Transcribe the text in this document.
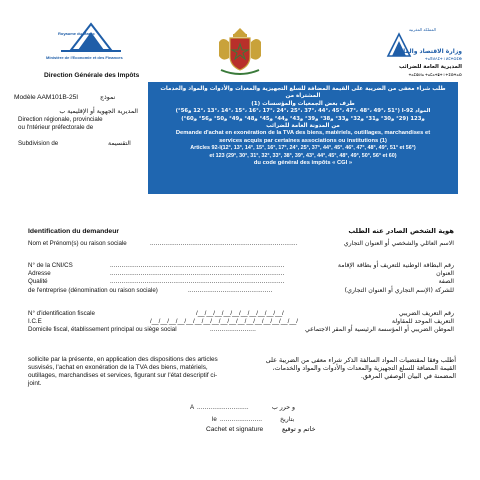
Royaume du Maroc
Ministère de l'Economie et des Finances
Direction Générale des Impôts
المملكة المغربية
وزارة الاقتصاد والمالية
ⵜⴰⴳⵍⴷⵉⵜ ⵏ ⵍⵎⵖⵔⵉⴱ
المديرية العامة للضرائب
ⵜⴰⵎⵀⵍⴰ ⵜⴰⵎⴰⵜⵓⵜ ⵏ ⵜⵉⵙⵖⴰⵔ
Modèle AAM101B-25I	نموذج
المديرية الجهوية أو الإقليمية ب
Direction régionale, provinciale
ou l'ntérieur préfectorale de
Subdivision de	التقسيمة
طلب شراء معفى من الضريبة على القيمة المضافة للسلع التجهيزية والمعدات والأدوات والمواد والخدمات المشتراة من
طرف بعض الجمعيات والمؤسسات (1)
المواد 92-I (12°، 13°، 14°، 15°، 16°، 17°، 24°، 25°، 37°، 44°، 45°، 47°، 48°، 49°، 51° و56°)
و123 (29° و30° و31° و32° و33° و38° و39° و43° و44° و45° و48° و49° و50° و56° و60°)
من المدونة العامة للضرائب
Demande d'achat en exonération de la TVA des biens, matériels, outillages, marchandises et
services acquis par certaines associations ou institutions (1)
Articles 92-I(12°, 13°, 14°, 15°, 16°, 17°, 24°, 25°, 37°, 44°, 45°, 46°, 47°, 48°, 49°, 51° et 56°)
et 123 (29°, 30°, 31°, 32°, 33°, 38°, 39°, 43°, 44°, 45°, 48°, 49°, 50°, 56° et 60)
du code général des impôts « CGI »
Identification du demandeur	هوية الشخص الصادر عنه الطلب
Nom et Prénom(s) ou raison sociale	.............................................................................	الاسم العائلي والشخصي أو العنوان التجاري
N° de la CNI/CS	...........................................................................................	رقم البطاقة الوطنية للتعريف أو بطاقة الإقامة
Adresse	...........................................................................................	العنوان
Qualité	...........................................................................................	الصفة
de l'entreprise (dénomination ou raison sociale)	............................................	للشركة (الإسم التجاري أو العنوان التجاري)
N° d'identification fiscale	/__/__/__/__/__/__/__/__/__/__/	رقم التعريف الضريبي
I.C.E	/__/__/__/__/__/__/__/__/__/__/__/__/__/__/__/__/__/	التعريف الموحد للمقاولة
Domicile fiscal, établissement principal ou siège social	........................	الموطن الضريبي أو المؤسسة الرئيسية أو المقر الاجتماعي
sollicite par la présente, en application des dispositions des articles
susvisés, l'achat en exonération de la TVA des biens, matériels,
outillages, marchandises et services, figurant sur l'état descriptif ci-
joint.
أطلب وفقا لمقتضيات المواد السالفة الذكر شراء معفى من الضريبة على
القيمة المضافة للسلع التجهيزية والمعدات والأدوات والمواد والخدمات،
المضمنة في البيان الوصفي المرفق.
A ...........................	و حرر ب
le ......................	بتاريخ
Cachet et signature	خاتم و توقيع
